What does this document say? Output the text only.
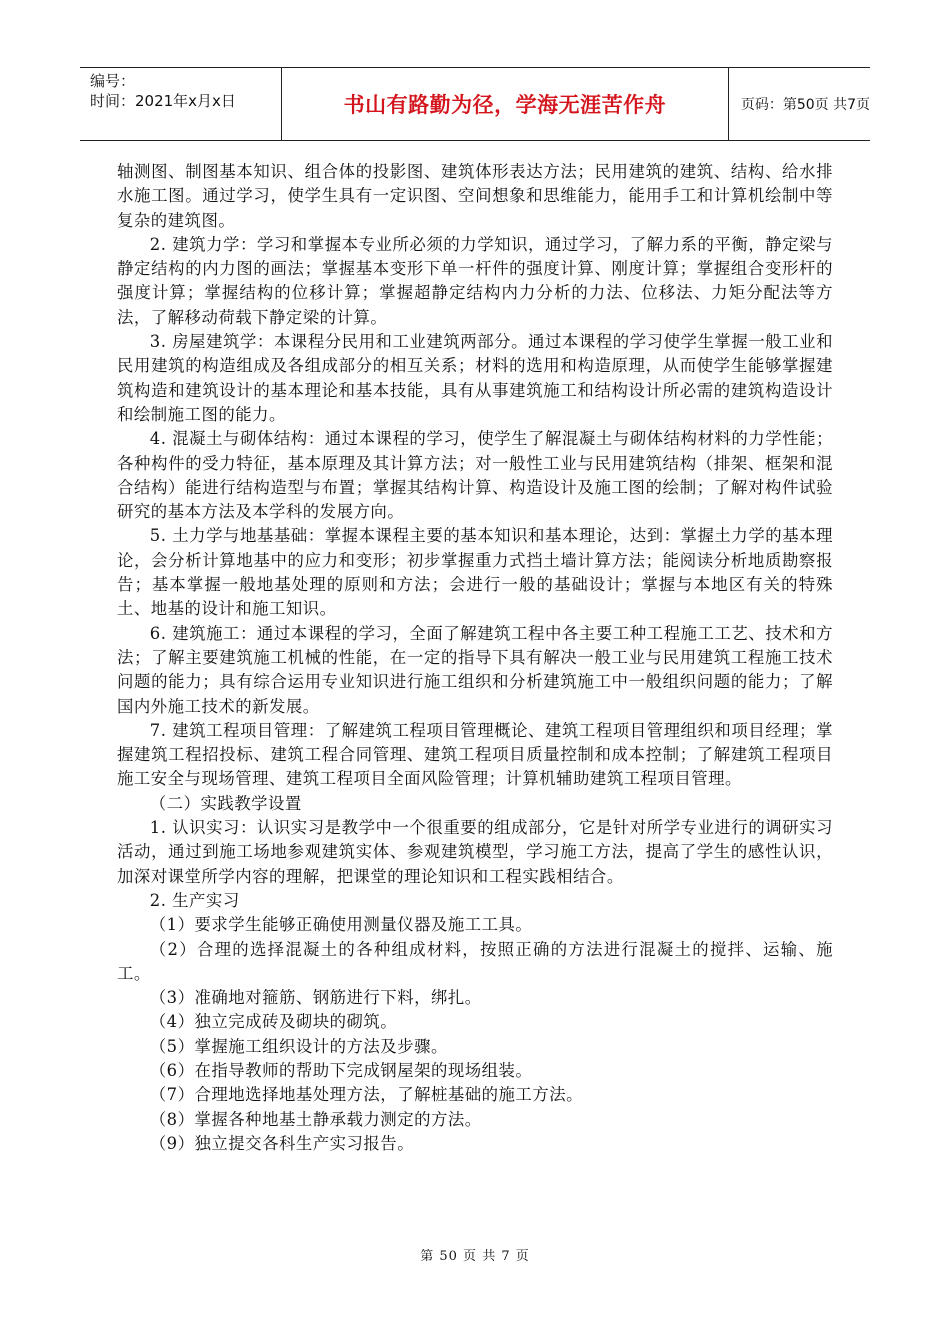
编号：
时间：2021年x月x日	书山有路勤为径，学海无涯苦作舟	页码：第50页 共7页

轴测图、制图基本知识、组合体的投影图、建筑体形表达方法；民用建筑的建筑、结构、给水排水施工图。通过学习，使学生具有一定识图、空间想象和思维能力，能用手工和计算机绘制中等复杂的建筑图。

2. 建筑力学：学习和掌握本专业所必须的力学知识，通过学习，了解力系的平衡，静定梁与静定结构的内力图的画法；掌握基本变形下单一杆件的强度计算、刚度计算；掌握组合变形杆的强度计算；掌握结构的位移计算；掌握超静定结构内力分析的力法、位移法、力矩分配法等方法，了解移动荷载下静定梁的计算。

3. 房屋建筑学：本课程分民用和工业建筑两部分。通过本课程的学习使学生掌握一般工业和民用建筑的构造组成及各组成部分的相互关系；材料的选用和构造原理，从而使学生能够掌握建筑构造和建筑设计的基本理论和基本技能，具有从事建筑施工和结构设计所必需的建筑构造设计和绘制施工图的能力。

4. 混凝土与砌体结构：通过本课程的学习，使学生了解混凝土与砌体结构材料的力学性能；各种构件的受力特征，基本原理及其计算方法；对一般性工业与民用建筑结构（排架、框架和混合结构）能进行结构造型与布置；掌握其结构计算、构造设计及施工图的绘制；了解对构件试验研究的基本方法及本学科的发展方向。

5. 土力学与地基基础：掌握本课程主要的基本知识和基本理论，达到：掌握土力学的基本理论，会分析计算地基中的应力和变形；初步掌握重力式挡土墙计算方法；能阅读分析地质勘察报告；基本掌握一般地基处理的原则和方法；会进行一般的基础设计；掌握与本地区有关的特殊土、地基的设计和施工知识。

6. 建筑施工：通过本课程的学习，全面了解建筑工程中各主要工种工程施工工艺、技术和方法；了解主要建筑施工机械的性能，在一定的指导下具有解决一般工业与民用建筑工程施工技术问题的能力；具有综合运用专业知识进行施工组织和分析建筑施工中一般组织问题的能力；了解国内外施工技术的新发展。

7. 建筑工程项目管理：了解建筑工程项目管理概论、建筑工程项目管理组织和项目经理；掌握建筑工程招投标、建筑工程合同管理、建筑工程项目质量控制和成本控制；了解建筑工程项目施工安全与现场管理、建筑工程项目全面风险管理；计算机辅助建筑工程项目管理。

（二）实践教学设置

1. 认识实习：认识实习是教学中一个很重要的组成部分，它是针对所学专业进行的调研实习活动，通过到施工场地参观建筑实体、参观建筑模型，学习施工方法，提高了学生的感性认识，加深对课堂所学内容的理解，把课堂的理论知识和工程实践相结合。

2. 生产实习

（1）要求学生能够正确使用测量仪器及施工工具。

（2）合理的选择混凝土的各种组成材料，按照正确的方法进行混凝土的搅拌、运输、施工。

（3）准确地对箍筋、钢筋进行下料，绑扎。

（4）独立完成砖及砌块的砌筑。

（5）掌握施工组织设计的方法及步骤。

（6）在指导教师的帮助下完成钢屋架的现场组装。

（7）合理地选择地基处理方法，了解桩基础的施工方法。

（8）掌握各种地基土静承载力测定的方法。

（9）独立提交各科生产实习报告。

第 50 页 共 7 页
